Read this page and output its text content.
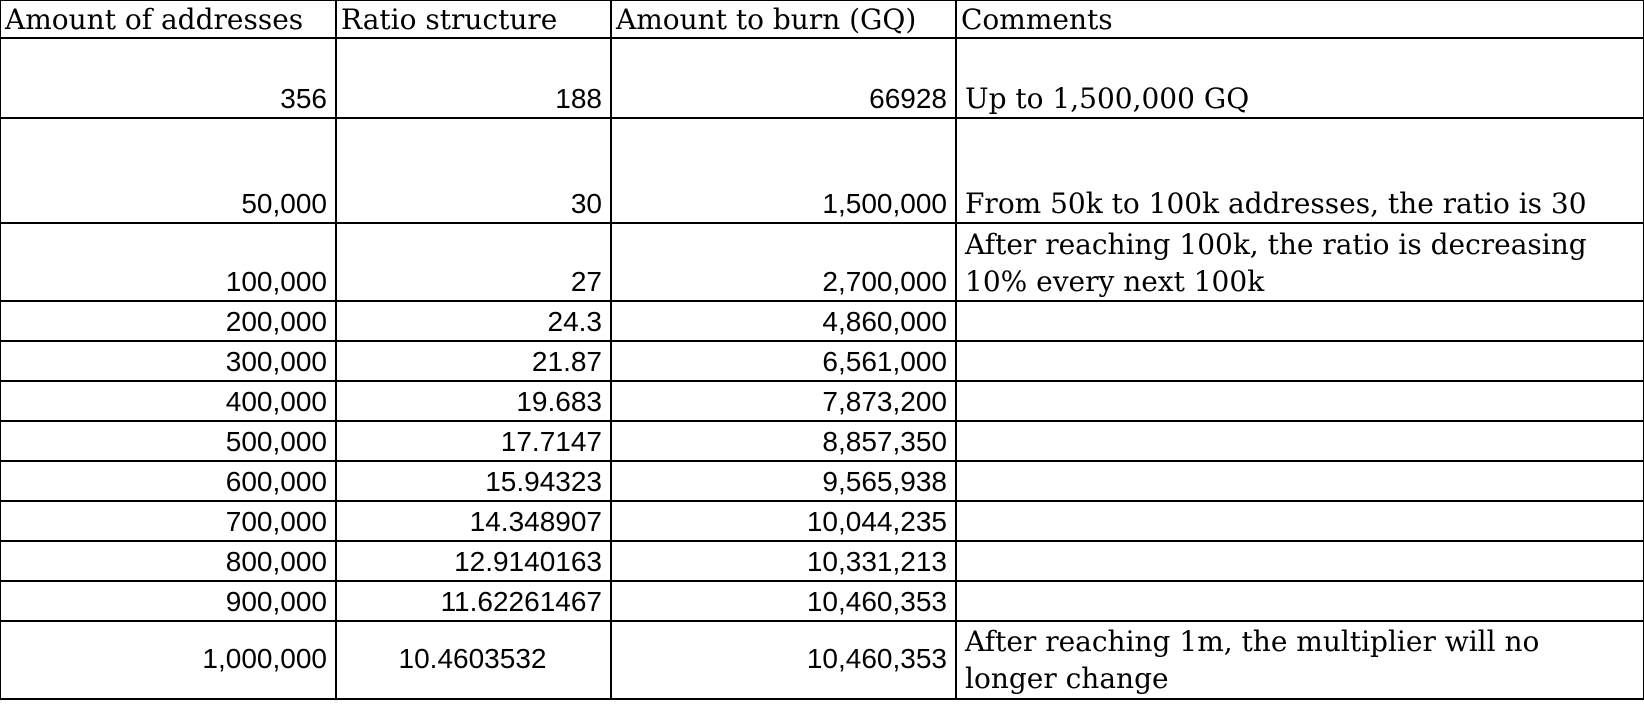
Amount of addresses	Ratio structure	Amount to burn (GQ)	Comments
356	188	66928	Up to 1,500,000 GQ
50,000	30	1,500,000	From 50k to 100k addresses, the ratio is 30
100,000	27	2,700,000	After reaching 100k, the ratio is decreasing 10% every next 100k
200,000	24.3	4,860,000	
300,000	21.87	6,561,000	
400,000	19.683	7,873,200	
500,000	17.7147	8,857,350	
600,000	15.94323	9,565,938	
700,000	14.348907	10,044,235	
800,000	12.9140163	10,331,213	
900,000	11.62261467	10,460,353	
1,000,000	10.4603532	10,460,353	After reaching 1m, the multiplier will no longer change
